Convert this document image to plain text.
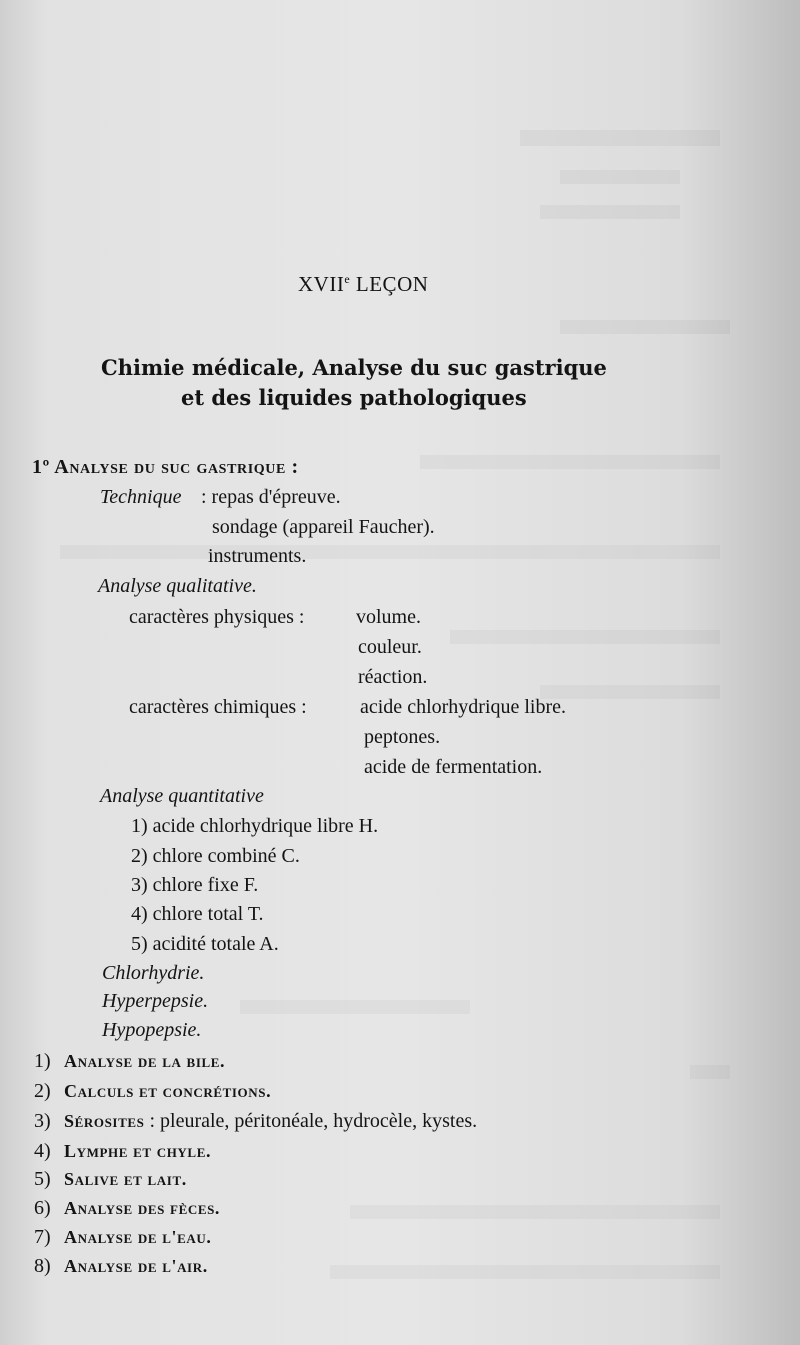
XVIIe LEÇON
Chimie médicale, Analyse du suc gastrique
et des liquides pathologiques
1º Analyse du suc gastrique :
Technique : repas d'épreuve.
sondage (appareil Faucher).
instruments.
Analyse qualitative.
caractères physiques :	volume.
couleur.
réaction.
caractères chimiques :	acide chlorhydrique libre.
peptones.
acide de fermentation.
Analyse quantitative
1) acide chlorhydrique libre H.
2) chlore combiné C.
3) chlore fixe F.
4) chlore total T.
5) acidité totale A.
Chlorhydrie.
Hyperpepsie.
Hypopepsie.
1) Analyse de la bile.
2) Calculs et concrétions.
3) Sérosites : pleurale, péritonéale, hydrocèle, kystes.
4) Lymphe et chyle.
5) Salive et lait.
6) Analyse des fèces.
7) Analyse de l'eau.
8) Analyse de l'air.
